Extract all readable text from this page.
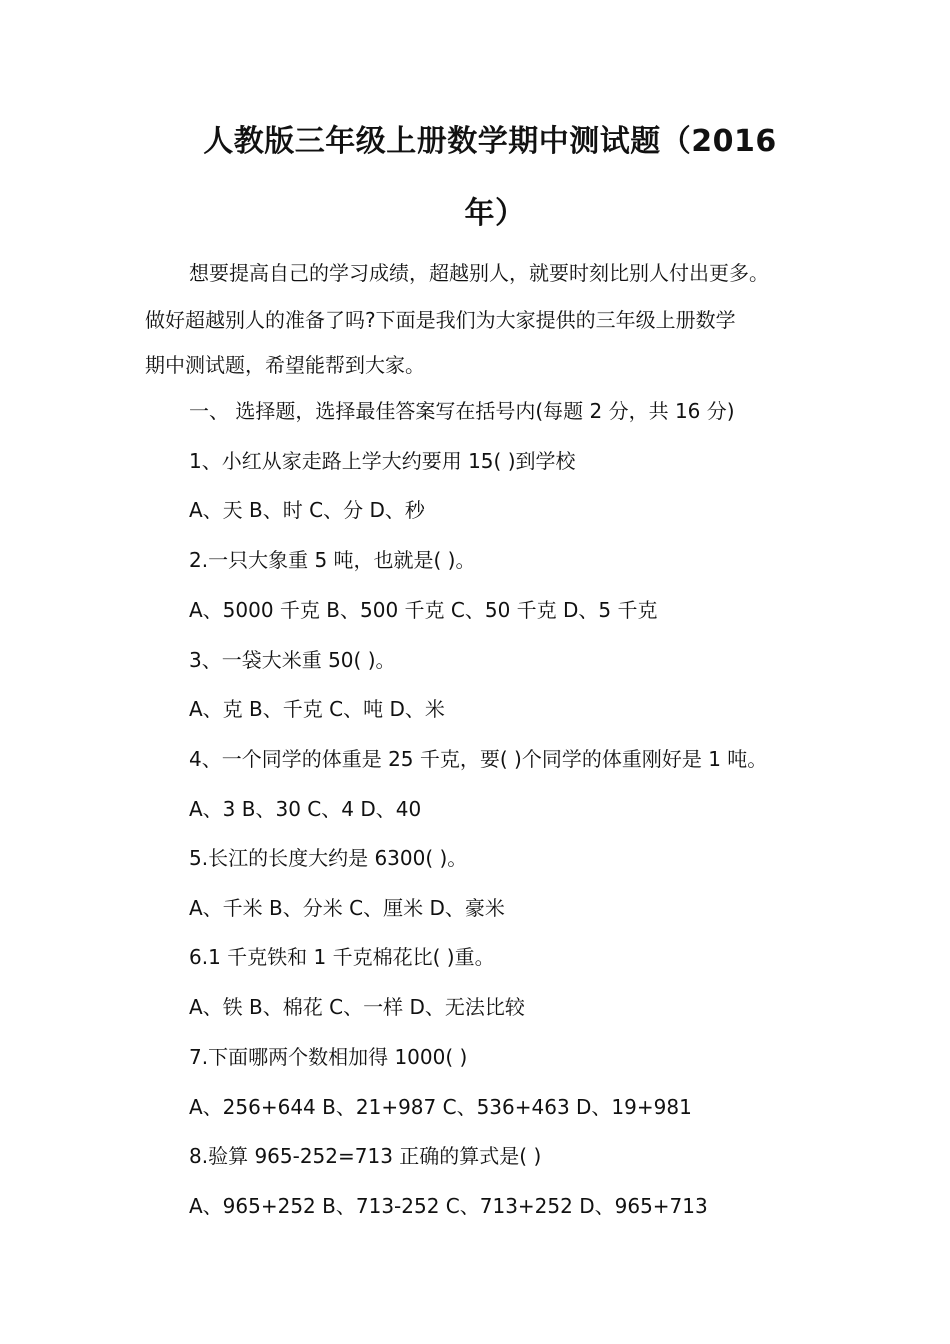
人教版三年级上册数学期中测试题（2016
年）
想要提高自己的学习成绩，超越别人，就要时刻比别人付出更多。
做好超越别人的准备了吗?下面是我们为大家提供的三年级上册数学
期中测试题，希望能帮到大家。
一、 选择题，选择最佳答案写在括号内(每题 2 分，共 16 分)
1、小红从家走路上学大约要用 15( )到学校
A、天 B、时 C、分 D、秒
2.一只大象重 5 吨，也就是( )。
A、5000 千克 B、500 千克 C、50 千克 D、5 千克
3、一袋大米重 50( )。
A、克 B、千克 C、吨 D、米
4、一个同学的体重是 25 千克，要( )个同学的体重刚好是 1 吨。
A、3 B、30 C、4 D、40
5.长江的长度大约是 6300( )。
A、千米 B、分米 C、厘米 D、豪米
6.1 千克铁和 1 千克棉花比( )重。
A、铁 B、棉花 C、一样 D、无法比较
7.下面哪两个数相加得 1000( )
A、256+644 B、21+987 C、536+463 D、19+981
8.验算 965-252=713 正确的算式是( )
A、965+252 B、713-252 C、713+252 D、965+713
